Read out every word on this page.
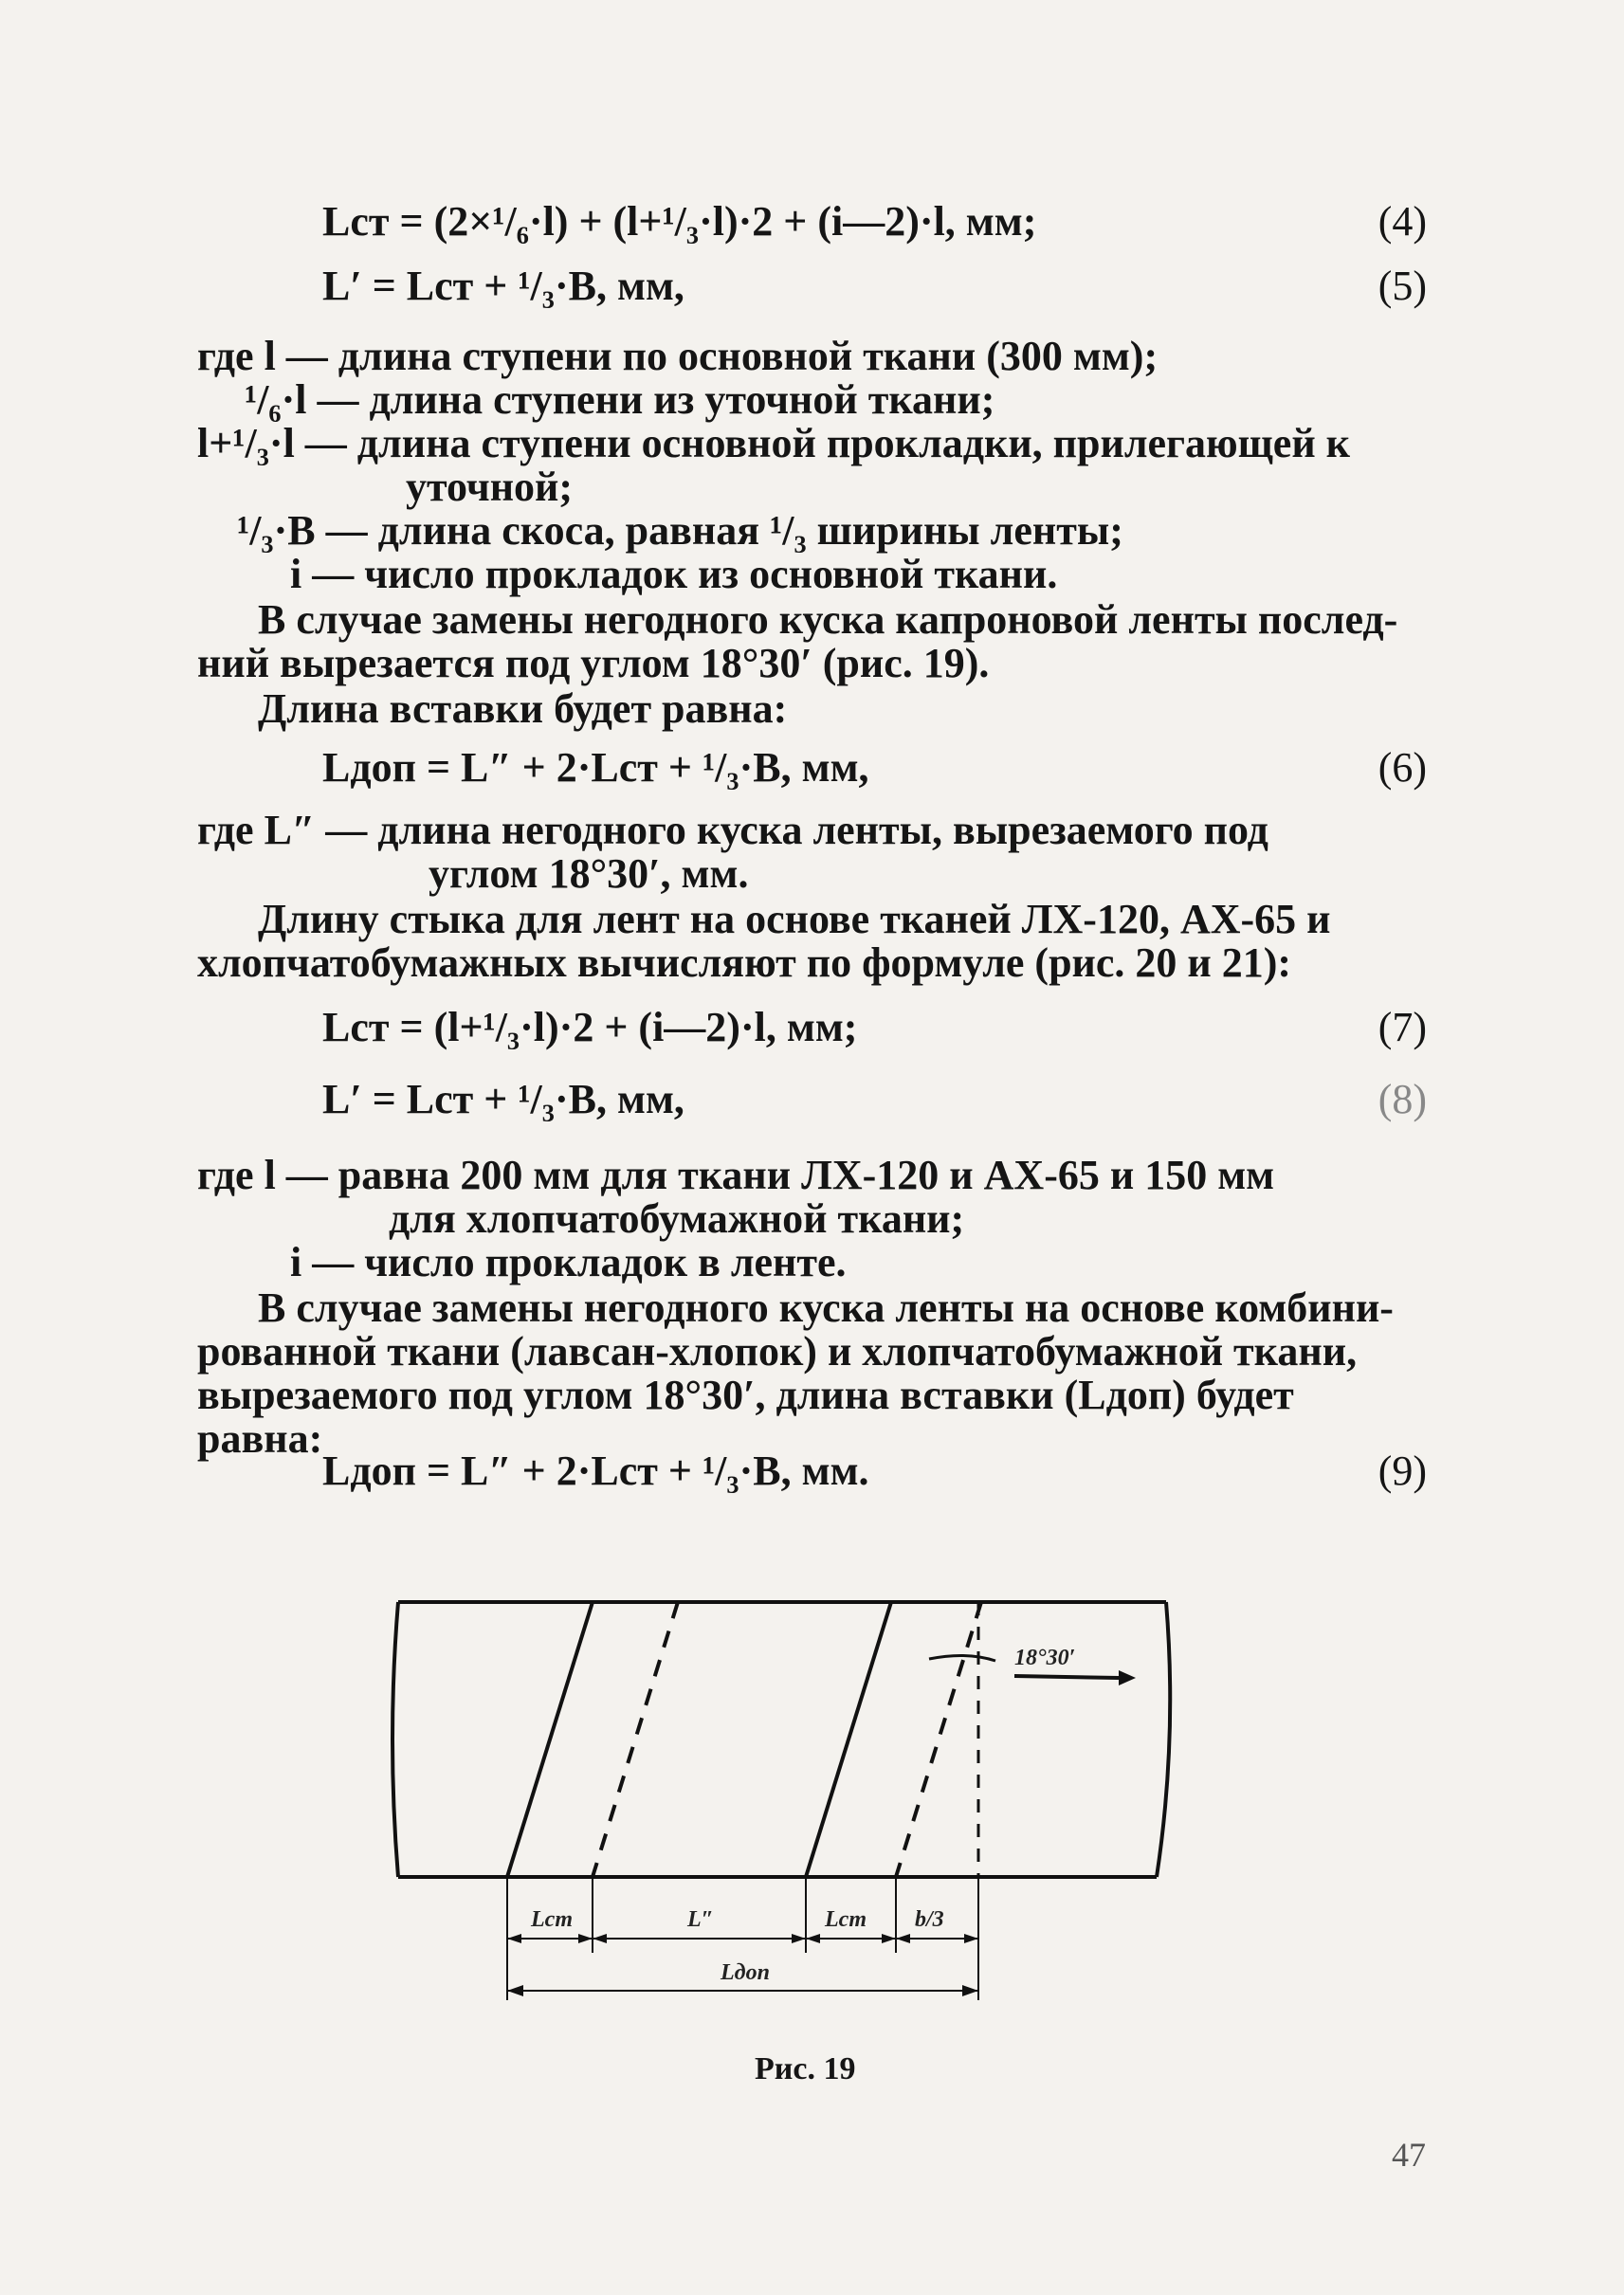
Lст = (2×¹/₆·l) + (l+¹/₃·l)·2 + (i—2)·l, мм;	(4)
L′ = Lст + ¹/₃·B, мм,	(5)
где l — длина ступени по основной ткани (300 мм);
¹/₆·l — длина ступени из уточной ткани;
l+¹/₃·l — длина ступени основной прокладки, прилегающей к
уточной;
¹/₃·B — длина скоса, равная ¹/₃ ширины ленты;
i — число прокладок из основной ткани.
В случае замены негодного куска капроновой ленты послед-
ний вырезается под углом 18°30′ (рис. 19).
Длина вставки будет равна:
Lдоп = L″ + 2·Lст + ¹/₃·B, мм,	(6)
где L″ — длина негодного куска ленты, вырезаемого под
углом 18°30′, мм.
Длину стыка для лент на основе тканей ЛХ-120, АХ-65 и
хлопчатобумажных вычисляют по формуле (рис. 20 и 21):
Lст = (l+¹/₃·l)·2 + (i—2)·l, мм;	(7)
L′ = Lст + ¹/₃·B, мм,	(8)
где l — равна 200 мм для ткани ЛХ-120 и АХ-65 и 150 мм
для хлопчатобумажной ткани;
i — число прокладок в ленте.
В случае замены негодного куска ленты на основе комбини-
рованной ткани (лавсан-хлопок) и хлопчатобумажной ткани,
вырезаемого под углом 18°30′, длина вставки (Lдоп) будет
равна:
Lдоп = L″ + 2·Lст + ¹/₃·B, мм.	(9)
18°30′
Lст	L″	Lст b/3
Lдоп
Рис. 19
47
